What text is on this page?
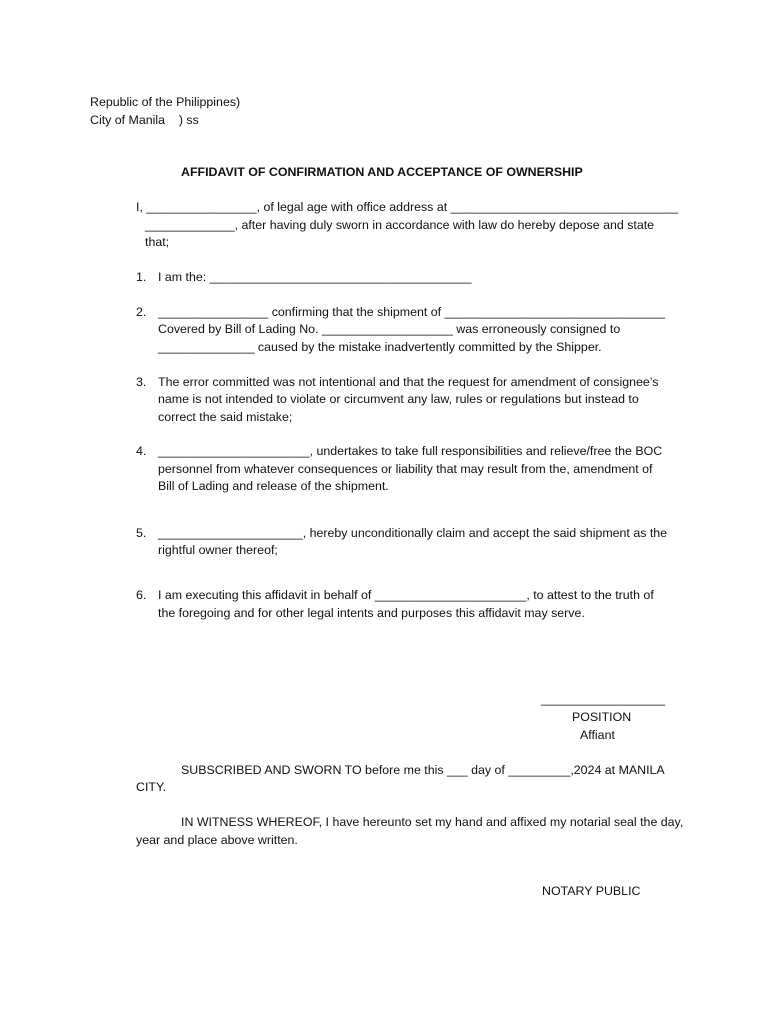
Republic of the Philippines)
City of Manila    ) ss
AFFIDAVIT OF CONFIRMATION AND ACCEPTANCE OF OWNERSHIP
I, ________________, of legal age with office address at _________________________________
_____________, after having duly sworn in accordance with law do hereby depose and state
that;
1. I am the: ______________________________________
2. ________________ confirming that the shipment of ________________________________
Covered by Bill of Lading No. ___________________ was erroneously consigned to
______________ caused by the mistake inadvertently committed by the Shipper.
3. The error committed was not intentional and that the request for amendment of consignee’s
name is not intended to violate or circumvent any law, rules or regulations but instead to
correct the said mistake;
4. ______________________, undertakes to take full responsibilities and relieve/free the BOC
personnel from whatever consequences or liability that may result from the, amendment of
Bill of Lading and release of the shipment.
5. _____________________, hereby unconditionally claim and accept the said shipment as the
rightful owner thereof;
6. I am executing this affidavit in behalf of ______________________, to attest to the truth of
the foregoing and for other legal intents and purposes this affidavit may serve.
__________________
POSITION
Affiant
SUBSCRIBED AND SWORN TO before me this ___ day of _________,2024 at MANILA
CITY.
IN WITNESS WHEREOF, I have hereunto set my hand and affixed my notarial seal the day,
year and place above written.
NOTARY PUBLIC
